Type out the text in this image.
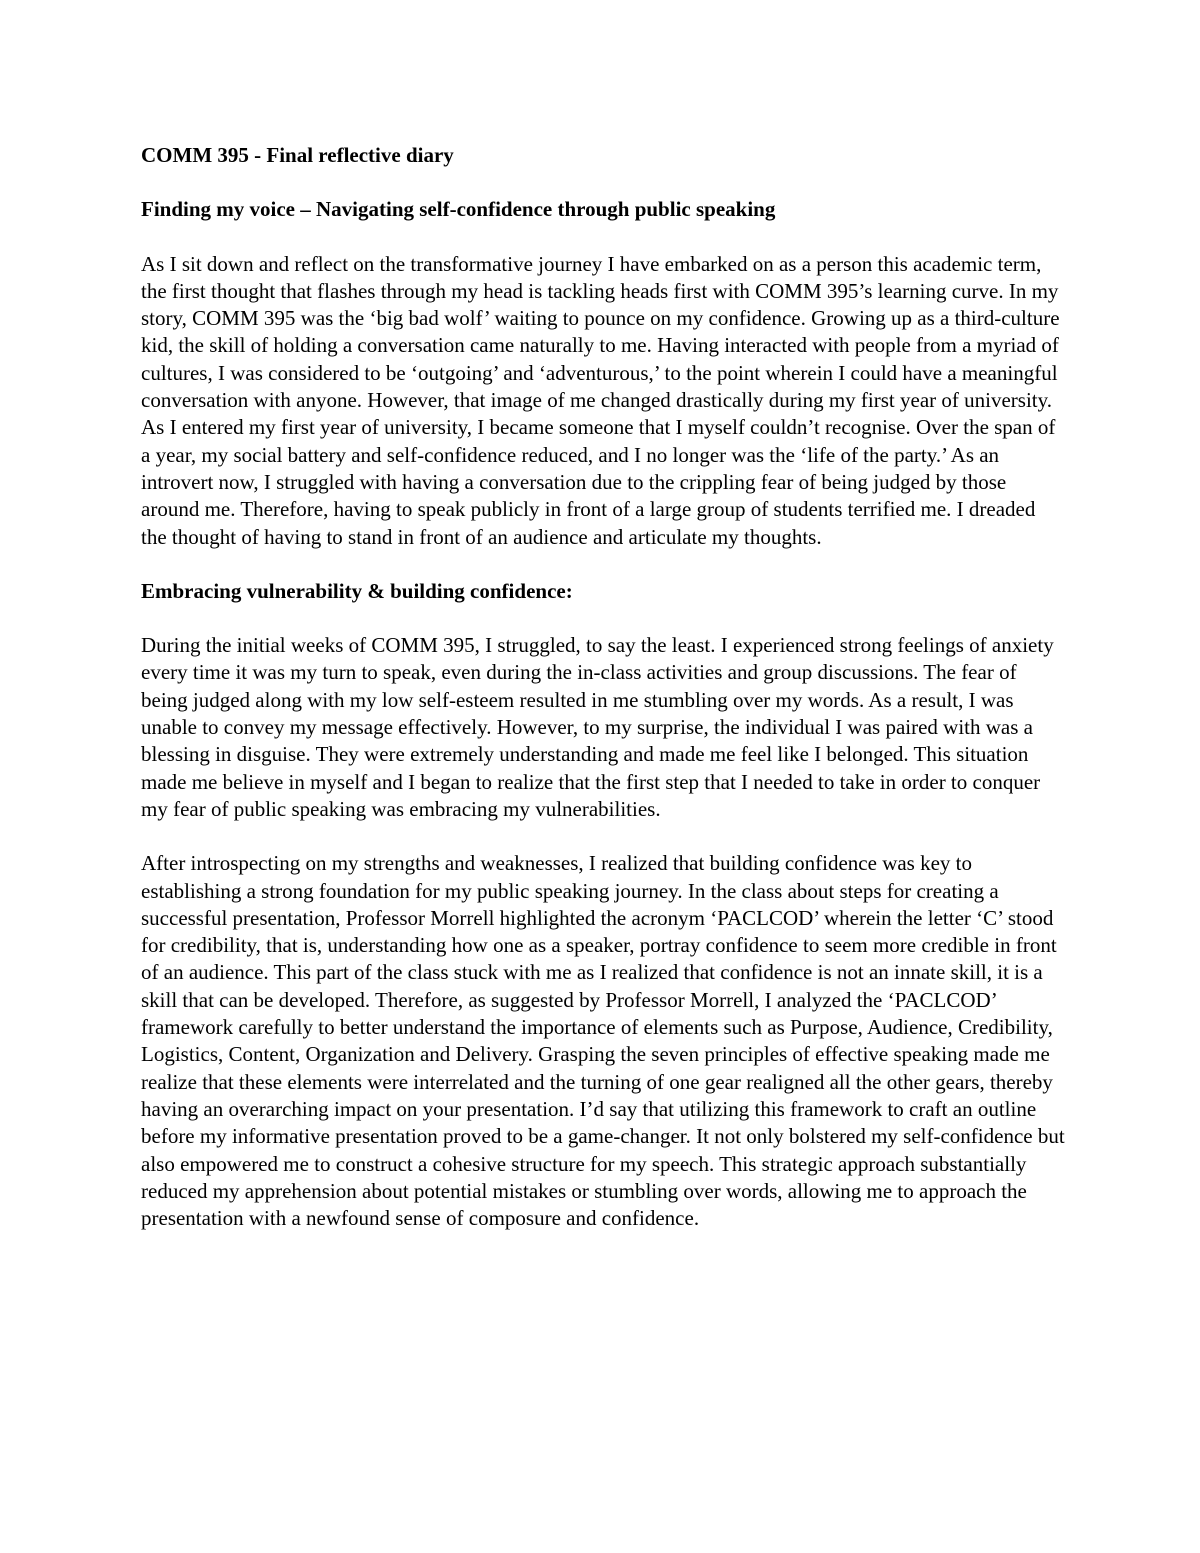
COMM 395 - Final reflective diary
Finding my voice – Navigating self-confidence through public speaking

As I sit down and reflect on the transformative journey I have embarked on as a person this academic term, the first thought that flashes through my head is tackling heads first with COMM 395’s learning curve. In my story, COMM 395 was the ‘big bad wolf’ waiting to pounce on my confidence. Growing up as a third-culture kid, the skill of holding a conversation came naturally to me. Having interacted with people from a myriad of cultures, I was considered to be ‘outgoing’ and ‘adventurous,’ to the point wherein I could have a meaningful conversation with anyone. However, that image of me changed drastically during my first year of university. As I entered my first year of university, I became someone that I myself couldn’t recognise. Over the span of a year, my social battery and self-confidence reduced, and I no longer was the ‘life of the party.’ As an introvert now, I struggled with having a conversation due to the crippling fear of being judged by those around me. Therefore, having to speak publicly in front of a large group of students terrified me. I dreaded the thought of having to stand in front of an audience and articulate my thoughts.

Embracing vulnerability & building confidence:

During the initial weeks of COMM 395, I struggled, to say the least. I experienced strong feelings of anxiety every time it was my turn to speak, even during the in-class activities and group discussions. The fear of being judged along with my low self-esteem resulted in me stumbling over my words. As a result, I was unable to convey my message effectively. However, to my surprise, the individual I was paired with was a blessing in disguise. They were extremely understanding and made me feel like I belonged. This situation made me believe in myself and I began to realize that the first step that I needed to take in order to conquer my fear of public speaking was embracing my vulnerabilities.

After introspecting on my strengths and weaknesses, I realized that building confidence was key to establishing a strong foundation for my public speaking journey. In the class about steps for creating a successful presentation, Professor Morrell highlighted the acronym ‘PACLCOD’ wherein the letter ‘C’ stood for credibility, that is, understanding how one as a speaker, portray confidence to seem more credible in front of an audience. This part of the class stuck with me as I realized that confidence is not an innate skill, it is a skill that can be developed. Therefore, as suggested by Professor Morrell, I analyzed the ‘PACLCOD’ framework carefully to better understand the importance of elements such as Purpose, Audience, Credibility, Logistics, Content, Organization and Delivery. Grasping the seven principles of effective speaking made me realize that these elements were interrelated and the turning of one gear realigned all the other gears, thereby having an overarching impact on your presentation. I’d say that utilizing this framework to craft an outline before my informative presentation proved to be a game-changer. It not only bolstered my self-confidence but also empowered me to construct a cohesive structure for my speech. This strategic approach substantially reduced my apprehension about potential mistakes or stumbling over words, allowing me to approach the presentation with a newfound sense of composure and confidence.
